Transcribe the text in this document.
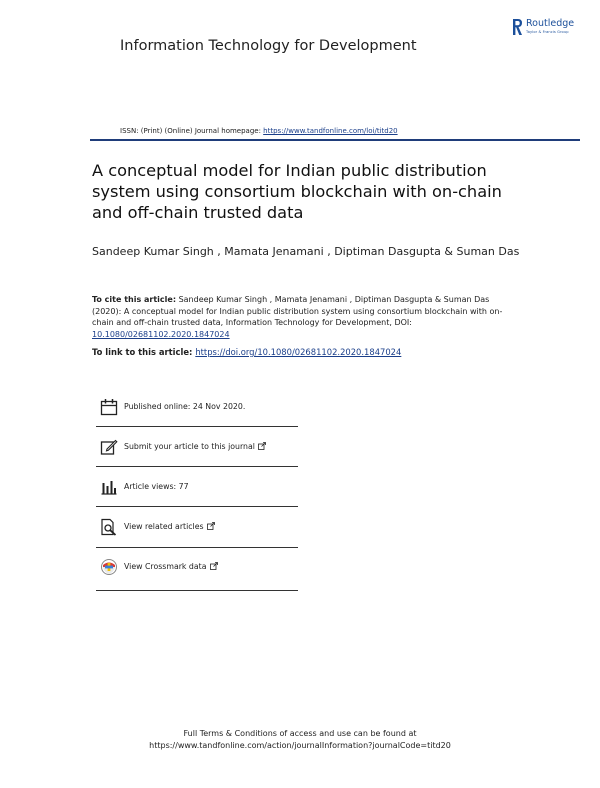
Information Technology for Development
Routledge
Taylor & Francis Group
ISSN: (Print) (Online) Journal homepage: https://www.tandfonline.com/loi/titd20
A conceptual model for Indian public distribution system using consortium blockchain with on-chain and off-chain trusted data
Sandeep Kumar Singh , Mamata Jenamani , Diptiman Dasgupta & Suman Das
To cite this article: Sandeep Kumar Singh , Mamata Jenamani , Diptiman Dasgupta & Suman Das (2020): A conceptual model for Indian public distribution system using consortium blockchain with on-chain and off-chain trusted data, Information Technology for Development, DOI: 10.1080/02681102.2020.1847024
To link to this article: https://doi.org/10.1080/02681102.2020.1847024
Published online: 24 Nov 2020.
Submit your article to this journal
Article views: 77
View related articles
View Crossmark data
Full Terms & Conditions of access and use can be found at
https://www.tandfonline.com/action/journalInformation?journalCode=titd20
